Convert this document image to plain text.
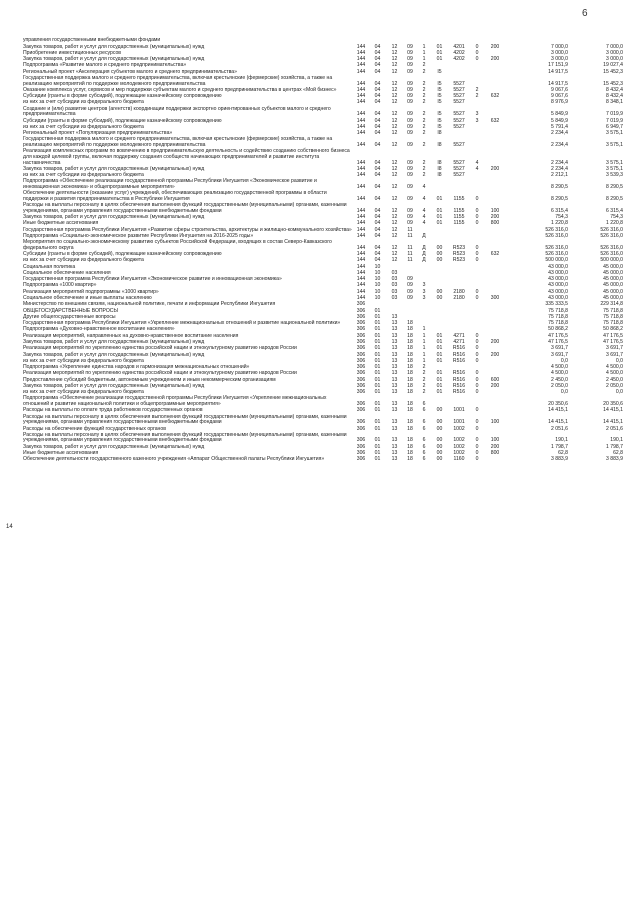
6
14
управления государственными внебюджетными фондами
Закупка товаров, работ и услуг для государственных (муниципальных) нужд	144	04	12	09	1	01	4201	0	200	7 000,0	7 000,0
Приобретение инвестиционных ресурсов	144	04	12	09	1	01	4202	0	3 000,0	3 000,0
Закупка товаров, работ и услуг для государственных (муниципальных) нужд	144	04	12	09	1	01	4202	0	200	3 000,0	3 000,0
Подпрограмма «Развитие малого и среднего предпринимательства»	144	04	12	09	2	17 151,9	19 027,4
Региональный проект «Акселерация субъектов малого и среднего предпринимательства»	144	04	12	09	2	I5	14 917,5	15 452,3
Государственная поддержка малого и среднего предпринимательства, включая крестьянские (фермерские) хозяйства, а также на реализацию мероприятий по поддержке молодежного предпринимательства	144	04	12	09	2	I5	5527	14 917,5	15 452,3
Оказание комплекса услуг, сервисов и мер поддержки субъектам малого и среднего предпринимательства в центрах «Мой бизнес»	144	04	12	09	2	I5	5527	2	9 067,6	8 432,4
Субсидии (гранты в форме субсидий), подлежащие казначейскому сопровождению	144	04	12	09	2	I5	5527	2	632	9 067,6	8 432,4
из них за счет субсидии из федерального бюджета	144	04	12	09	2	I5	5527	8 976,9	8 348,1
Создание и (или) развитие центров (агентств) координации поддержки экспортно ориентированных субъектов малого и среднего предпринимательства	144	04	12	09	2	I5	5527	3	5 849,9	7 019,9
Субсидии (гранты в форме субсидий), подлежащие казначейскому сопровождению	144	04	12	09	2	I5	5527	3	632	5 849,9	7 019,9
из них за счет субсидии из федерального бюджета	144	04	12	09	2	I5	5527	5 791,4	6 949,7
Региональный проект «Популяризация предпринимательства»	144	04	12	09	2	I8	2 234,4	3 575,1
Государственная поддержка малого и среднего предпринимательства, включая крестьянские (фермерские) хозяйства, а также на реализацию мероприятий по поддержке молодежного предпринимательства	144	04	12	09	2	I8	5527	2 234,4	3 575,1
Реализация комплексных программ по вовлечению в предпринимательскую деятельность и содействию созданию собственного бизнеса для каждой целевой группы, включая поддержку создания сообществ начинающих предпринимателей и развитие института наставничества	144	04	12	09	2	I8	5527	4	2 234,4	3 575,1
Закупка товаров, работ и услуг для государственных (муниципальных) нужд	144	04	12	09	2	I8	5527	4	200	2 234,4	3 575,1
из них за счет субсидии из федерального бюджета	144	04	12	09	2	I8	5527	2 212,1	3 539,3
Подпрограмма «Обеспечение реализации государственной программы Республики Ингушетия «Экономическое развитие и инновационная экономика» и общепрограммные мероприятия»	144	04	12	09	4	8 290,5	8 290,5
Обеспечение деятельности (оказание услуг) учреждений, обеспечивающих реализацию государственной программы в области поддержки и развития предпринимательства в Республике Ингушетия	144	04	12	09	4	01	1155	0	8 290,5	8 290,5
Расходы на выплаты персоналу в целях обеспечения выполнения функций государственными (муниципальными) органами, казенными учреждениями, органами управления государственными внебюджетными фондами	144	04	12	09	4	01	1155	0	100	6 315,4	6 315,4
Закупка товаров, работ и услуг для государственных (муниципальных) нужд	144	04	12	09	4	01	1155	0	200	754,3	754,3
Иные бюджетные ассигнования	144	04	12	09	4	01	1155	0	800	1 220,8	1 220,8
Государственная программа Республики Ингушетия «Развитие сферы строительства, архитектуры и жилищно-коммунального хозяйства» 144	04	12	11	526 316,0	526 316,0
Подпрограмма «Социально-экономическое развитие Республики Ингушетия на 2016-2025 годы»	144	04	12	11	Д	526 316,0	526 316,0
Мероприятия по социально-экономическому развитию субъектов Российской Федерации, входящих в состав Северо-Кавказского федерального округа	144	04	12	11	Д	00	R523	0	526 316,0	526 316,0
Субсидии (гранты в форме субсидий), подлежащие казначейскому сопровождению	144	04	12	11	Д	00	R523	0	632	526 316,0	526 316,0
из них за счет субсидии из федерального бюджета	144	04	12	11	Д	00	R523	0	500 000,0	500 000,0
Социальная политика	144	10	43 000,0	45 000,0
Социальное обеспечение населения	144	10	03	43 000,0	45 000,0
Государственная программа Республики Ингушетия «Экономическое развитие и инновационная экономика»	144	10	03	09	43 000,0	45 000,0
Подпрограмма «1000 квартир»	144	10	03	09	3	43 000,0	45 000,0
Реализация мероприятий подпрограммы «1000 квартир»	144	10	03	09	3	00	2180	0	43 000,0	45 000,0
Социальное обеспечение и иные выплаты населению	144	10	03	09	3	00	2180	0	300	43 000,0	45 000,0
Министерство по внешним связям, национальной политике, печати и информации Республики Ингушетия	306	335 333,5	229 314,8
ОБЩЕГОСУДАРСТВЕННЫЕ ВОПРОСЫ	306	01	75 718,8	75 718,8
Другие общегосударственные вопросы	306	01	13	75 718,8	75 718,8
Государственная программа Республики Ингушетия «Укрепление межнациональных отношений и развитие национальной политики»	306	01	13	18	75 718,8	75 718,8
Подпрограмма «Духовно-нравственное воспитание населения»	306	01	13	18	1	50 868,2	50 868,2
Реализация мероприятий, направленных на духовно-нравственное воспитание населения	306	01	13	18	1	01	4271	0	47 176,5	47 176,5
Закупка товаров, работ и услуг для государственных (муниципальных) нужд	306	01	13	18	1	01	4271	0	200	47 176,5	47 176,5
Реализация мероприятий по укреплению единства российской нации и этнокультурному развитию народов России	306	01	13	18	1	01	R516	0	3 691,7	3 691,7
Закупка товаров, работ и услуг для государственных (муниципальных) нужд	306	01	13	18	1	01	R516	0	200	3 691,7	3 691,7
из них за счет субсидии из федерального бюджета	306	01	13	18	1	01	R516	0	0,0	0,0
Подпрограмма «Укрепление единства народов и гармонизация межнациональных отношений»	306	01	13	18	2	4 500,0	4 500,0
Реализация мероприятий по укреплению единства российской нации и этнокультурному развитию народов России	306	01	13	18	2	01	R516	0	4 500,0	4 500,0
Предоставление субсидий бюджетным, автономным учреждениям и иным некоммерческим организациям	306	01	13	18	2	01	R516	0	600	2 450,0	2 450,0
Закупка товаров, работ и услуг для государственных (муниципальных) нужд	306	01	13	18	2	01	R516	0	200	2 050,0	2 050,0
из них за счет субсидии из федерального бюджета	306	01	13	18	2	01	R516	0	0,0	0,0
Подпрограмма «Обеспечение реализации государственной программы Республики Ингушетия «Укрепление межнациональных отношений и развитие национальной политики и общепрограммные мероприятия»	306	01	13	18	6	20 350,6	20 350,6
Расходы на выплаты по оплате труда работников государственных органов	306	01	13	18	6	00	1001	0	14 415,1	14 415,1
Расходы на выплаты персоналу в целях обеспечения выполнения функций государственными (муниципальными) органами, казенными учреждениями, органами управления государственными внебюджетными фондами	306	01	13	18	6	00	1001	0	100	14 415,1	14 415,1
Расходы на обеспечение функций государственных органов	306	01	13	18	6	00	1002	0	2 051,6	2 051,6
Расходы на выплаты персоналу в целях обеспечения выполнения функций государственными (муниципальными) органами, казенными учреждениями, органами управления государственными внебюджетными фондами	306	01	13	18	6	00	1002	0	100	190,1	190,1
Закупка товаров, работ и услуг для государственных (муниципальных) нужд	306	01	13	18	6	00	1002	0	200	1 798,7	1 798,7
Иные бюджетные ассигнования	306	01	13	18	6	00	1002	0	800	62,8	62,8
Обеспечение деятельности государственного казенного учреждения «Аппарат Общественной палаты Республики Ингушетия»	306	01	13	18	6	00	1160	0	3 883,9	3 883,9
